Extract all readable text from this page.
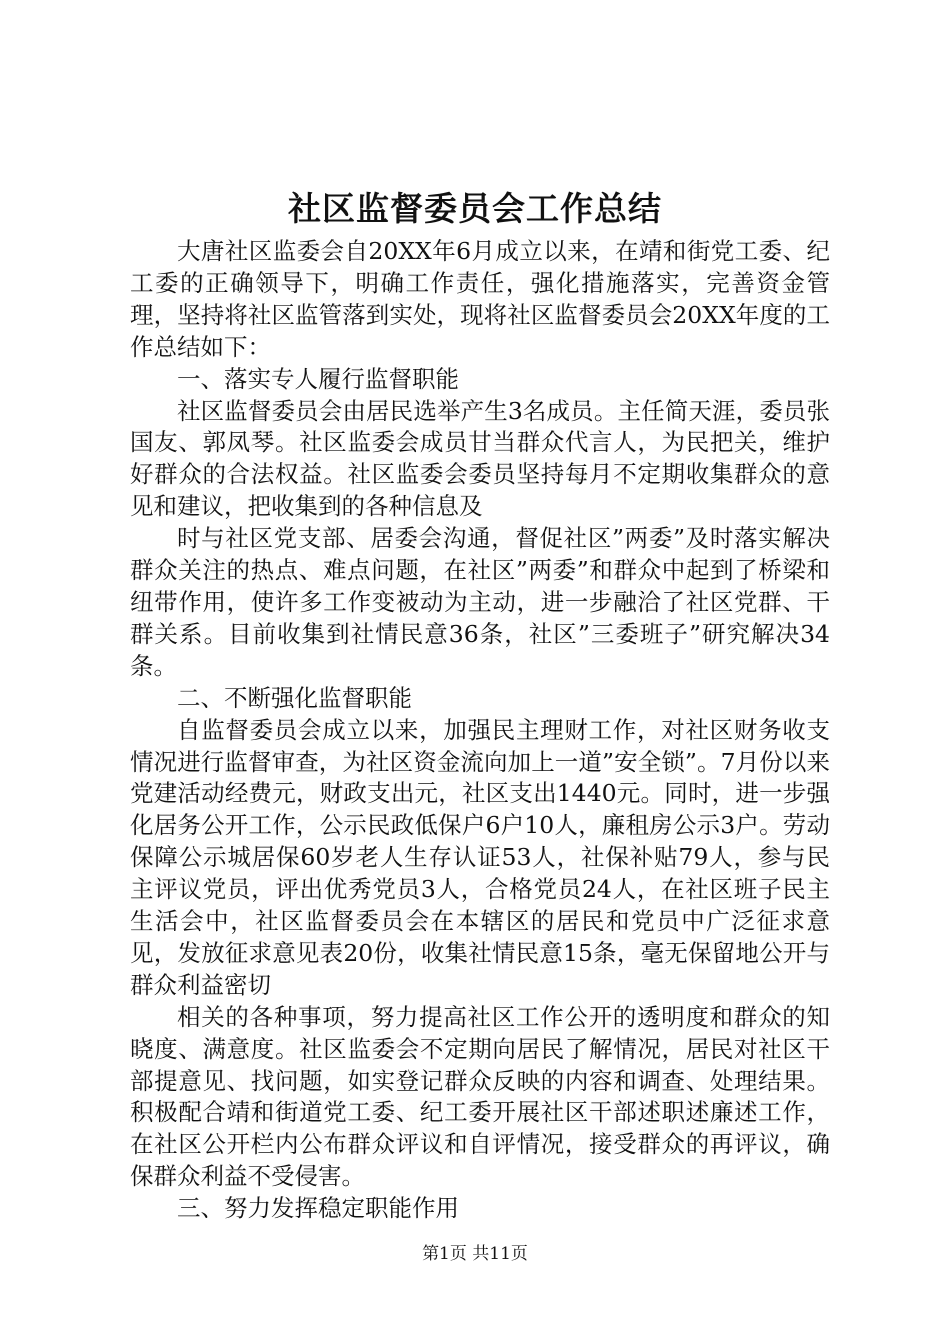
社区监督委员会工作总结

大唐社区监委会自20XX年6月成立以来，在靖和街党工委、纪工委的正确领导下，明确工作责任，强化措施落实，完善资金管理，坚持将社区监管落到实处，现将社区监督委员会20XX年度的工作总结如下：

一、落实专人履行监督职能

社区监督委员会由居民选举产生3名成员。主任简天涯，委员张国友、郭凤琴。社区监委会成员甘当群众代言人，为民把关，维护好群众的合法权益。社区监委会委员坚持每月不定期收集群众的意见和建议，把收集到的各种信息及

时与社区党支部、居委会沟通，督促社区”两委”及时落实解决群众关注的热点、难点问题，在社区”两委”和群众中起到了桥梁和纽带作用，使许多工作变被动为主动，进一步融洽了社区党群、干群关系。目前收集到社情民意36条，社区”三委班子”研究解决34条。

二、不断强化监督职能

自监督委员会成立以来，加强民主理财工作，对社区财务收支情况进行监督审查，为社区资金流向加上一道”安全锁”。7月份以来党建活动经费元，财政支出元，社区支出1440元。同时，进一步强化居务公开工作，公示民政低保户6户10人，廉租房公示3户。劳动保障公示城居保60岁老人生存认证53人，社保补贴79人，参与民主评议党员，评出优秀党员3人，合格党员24人，在社区班子民主生活会中，社区监督委员会在本辖区的居民和党员中广泛征求意见，发放征求意见表20份，收集社情民意15条，毫无保留地公开与群众利益密切

相关的各种事项，努力提高社区工作公开的透明度和群众的知晓度、满意度。社区监委会不定期向居民了解情况，居民对社区干部提意见、找问题，如实登记群众反映的内容和调查、处理结果。积极配合靖和街道党工委、纪工委开展社区干部述职述廉述工作，在社区公开栏内公布群众评议和自评情况，接受群众的再评议，确保群众利益不受侵害。

三、努力发挥稳定职能作用

第1页 共11页
